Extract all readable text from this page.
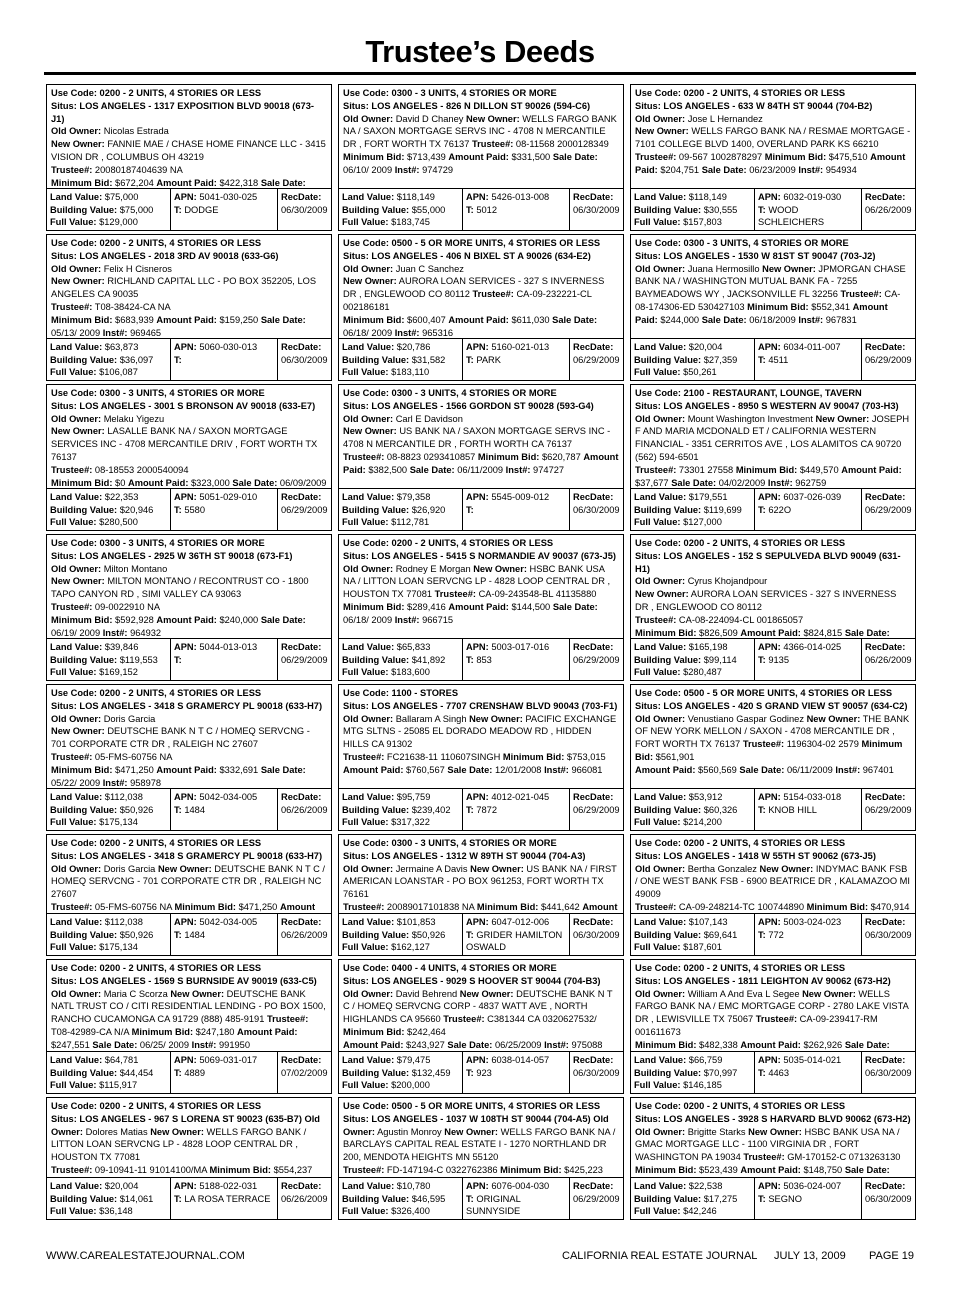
Trustee’s Deeds
Use Code: 0200 - 2 UNITS, 4 STORIES OR LESS
Situs: LOS ANGELES - 1317 EXPOSITION BLVD 90018 (673-J1)
Old Owner: Nicolas Estrada
New Owner: FANNIE MAE / CHASE HOME FINANCE LLC - 3415 VISION DR , COLUMBUS OH 43219
Trustee#: 20080187404639 NA
Minimum Bid: $672,204 Amount Paid: $422,318 Sale Date:
Land Value: $75,000
Building Value: $75,000
Full Value: $129,000
APN: 5041-030-025
T: DODGE
RecDate:
06/30/2009
Use Code: 0200 - 2 UNITS, 4 STORIES OR LESS
Situs: LOS ANGELES - 2018 3RD AV 90018 (633-G6)
Old Owner: Felix H Cisneros
New Owner: RICHLAND CAPITAL LLC - PO BOX 352205, LOS ANGELES CA 90035
Trustee#: T08-38424-CA NA
Minimum Bid: $683,939 Amount Paid: $159,250 Sale Date: 05/13/ 2009 Inst#: 969465
Land Value: $63,873
Building Value: $36,097
Full Value: $106,087
APN: 5060-030-013
T:
RecDate:
06/30/2009
Use Code: 0300 - 3 UNITS, 4 STORIES OR MORE
Situs: LOS ANGELES - 3001 S BRONSON AV 90018 (633-E7)
Old Owner: Melaku Yigezu
New Owner: LASALLE BANK NA / SAXON MORTGAGE SERVICES INC - 4708 MERCANTILE DRIV , FORT WORTH TX 76137
Trustee#: 08-18553 2000540094
Minimum Bid: $0 Amount Paid: $323,000 Sale Date: 06/09/2009
Land Value: $22,353
Building Value: $20,946
Full Value: $280,500
APN: 5051-029-010
T: 5580
RecDate:
06/29/2009
Use Code: 0300 - 3 UNITS, 4 STORIES OR MORE
Situs: LOS ANGELES - 2925 W 36TH ST 90018 (673-F1)
Old Owner: Milton Montano
New Owner: MILTON MONTANO / RECONTRUST CO - 1800 TAPO CANYON RD , SIMI VALLEY CA 93063
Trustee#: 09-0022910 NA
Minimum Bid: $592,928 Amount Paid: $240,000 Sale Date: 06/19/ 2009 Inst#: 964932
Land Value: $39,846
Building Value: $119,553
Full Value: $169,152
APN: 5044-013-013
T:
RecDate:
06/29/2009
Use Code: 0200 - 2 UNITS, 4 STORIES OR LESS
Situs: LOS ANGELES - 3418 S GRAMERCY PL 90018 (633-H7)
Old Owner: Doris Garcia
New Owner: DEUTSCHE BANK N T C / HOMEQ SERVCNG - 701 CORPORATE CTR DR , RALEIGH NC 27607
Trustee#: 05-FMS-60756 NA
Minimum Bid: $471,250 Amount Paid: $332,691 Sale Date: 05/22/ 2009 Inst#: 958978
Land Value: $112,038
Building Value: $50,926
Full Value: $175,134
APN: 5042-034-005
T: 1484
RecDate:
06/26/2009
Use Code: 0200 - 2 UNITS, 4 STORIES OR LESS
Situs: LOS ANGELES - 3418 S GRAMERCY PL 90018 (633-H7)
Old Owner: Doris Garcia New Owner: DEUTSCHE BANK N T C / HOMEQ SERVCNG - 701 CORPORATE CTR DR , RALEIGH NC 27607
Trustee#: 05-FMS-60756 NA Minimum Bid: $471,250 Amount
Land Value: $112,038
Building Value: $50,926
Full Value: $175,134
APN: 5042-034-005
T: 1484
RecDate:
06/26/2009
Use Code: 0200 - 2 UNITS, 4 STORIES OR LESS
Situs: LOS ANGELES - 1569 S BURNSIDE AV 90019 (633-C5)
Old Owner: Maria C Scorza New Owner: DEUTSCHE BANK NATL TRUST CO / CITI RESIDENTIAL LENDING - PO BOX 1500, RANCHO CUCAMONGA CA 91729 (888) 485-9191 Trustee#: T08-42989-CA N/A Minimum Bid: $247,180 Amount Paid: $247,551 Sale Date: 06/25/ 2009 Inst#: 991950
Land Value: $64,781
Building Value: $44,454
Full Value: $115,917
APN: 5069-031-017
T: 4889
RecDate:
07/02/2009
Use Code: 0200 - 2 UNITS, 4 STORIES OR LESS
Situs: LOS ANGELES - 967 S LORENA ST 90023 (635-B7) Old Owner: Dolores Matias New Owner: WELLS FARGO BANK / LITTON LOAN SERVCNG LP - 4828 LOOP CENTRAL DR , HOUSTON TX 77081
Trustee#: 09-10941-11 91014100/MA Minimum Bid: $554,237
Land Value: $20,004
Building Value: $14,061
Full Value: $36,148
APN: 5188-022-031
T: LA ROSA TERRACE
RecDate:
06/26/2009
Use Code: 0300 - 3 UNITS, 4 STORIES OR MORE
Situs: LOS ANGELES - 826 N DILLON ST 90026 (594-C6)
Old Owner: David D Chaney New Owner: WELLS FARGO BANK NA / SAXON MORTGAGE SERVS INC - 4708 N MERCANTILE DR , FORT WORTH TX 76137 Trustee#: 08-11568 2000128349
Minimum Bid: $713,439 Amount Paid: $331,500 Sale Date: 06/10/ 2009 Inst#: 974729
Land Value: $118,149
Building Value: $55,000
Full Value: $183,745
APN: 5426-013-008
T: 5012
RecDate:
06/30/2009
Use Code: 0500 - 5 OR MORE UNITS, 4 STORIES OR LESS
Situs: LOS ANGELES - 406 N BIXEL ST A 90026 (634-E2)
Old Owner: Juan C Sanchez
New Owner: AURORA LOAN SERVICES - 327 S INVERNESS DR , ENGLEWOOD CO 80112 Trustee#: CA-09-232221-CL 002186181
Minimum Bid: $600,407 Amount Paid: $611,030 Sale Date: 06/18/ 2009 Inst#: 965316
Land Value: $20,786
Building Value: $31,582
Full Value: $183,110
APN: 5160-021-013
T: PARK
RecDate:
06/29/2009
Use Code: 0300 - 3 UNITS, 4 STORIES OR MORE
Situs: LOS ANGELES - 1566 GORDON ST 90028 (593-G4)
Old Owner: Carl E Davidson
New Owner: US BANK NA / SAXON MORTGAGE SERVS INC - 4708 N MERCANTILE DR , FORTH WORTH CA 76137
Trustee#: 08-8823 0293410857 Minimum Bid: $620,787 Amount Paid: $382,500 Sale Date: 06/11/2009 Inst#: 974727
Land Value: $79,358
Building Value: $26,920
Full Value: $112,781
APN: 5545-009-012
T:
RecDate:
06/30/2009
Use Code: 0200 - 2 UNITS, 4 STORIES OR LESS
Situs: LOS ANGELES - 5415 S NORMANDIE AV 90037 (673-J5)
Old Owner: Rodney E Morgan New Owner: HSBC BANK USA NA / LITTON LOAN SERVCNG LP - 4828 LOOP CENTRAL DR , HOUSTON TX 77081 Trustee#: CA-09-243548-BL 41135880
Minimum Bid: $289,416 Amount Paid: $144,500 Sale Date: 06/18/ 2009 Inst#: 966715
Land Value: $65,833
Building Value: $41,892
Full Value: $183,600
APN: 5003-017-016
T: 853
RecDate:
06/29/2009
Use Code: 1100 - STORES
Situs: LOS ANGELES - 7707 CRENSHAW BLVD 90043 (703-F1)
Old Owner: Ballaram A Singh New Owner: PACIFIC EXCHANGE MTG SLTNS - 25085 EL DORADO MEADOW RD , HIDDEN HILLS CA 91302
Trustee#: FC21638-11 110607SINGH Minimum Bid: $753,015
Amount Paid: $760,567 Sale Date: 12/01/2008 Inst#: 966081
Land Value: $95,759
Building Value: $239,402
Full Value: $317,322
APN: 4012-021-045
T: 7872
RecDate:
06/29/2009
Use Code: 0300 - 3 UNITS, 4 STORIES OR MORE
Situs: LOS ANGELES - 1312 W 89TH ST 90044 (704-A3)
Old Owner: Jermaine A Davis New Owner: US BANK NA / FIRST AMERICAN LOANSTAR - PO BOX 961253, FORT WORTH TX 76161
Trustee#: 20089017101838 NA Minimum Bid: $441,642 Amount
Land Value: $101,853
Building Value: $50,926
Full Value: $162,127
APN: 6047-012-006
T: GRIDER HAMILTON OSWALD
RecDate:
06/30/2009
Use Code: 0400 - 4 UNITS, 4 STORIES OR MORE
Situs: LOS ANGELES - 9029 S HOOVER ST 90044 (704-B3)
Old Owner: David Behrend New Owner: DEUTSCHE BANK N T C / HOMEQ SERVCNG CORP - 4837 WATT AVE , NORTH HIGHLANDS CA 95660 Trustee#: C381344 CA 0320627532/ Minimum Bid: $242,464
Amount Paid: $243,927 Sale Date: 06/25/2009 Inst#: 975088
Land Value: $79,475
Building Value: $132,459
Full Value: $200,000
APN: 6038-014-057
T: 923
RecDate:
06/30/2009
Use Code: 0500 - 5 OR MORE UNITS, 4 STORIES OR LESS Situs: LOS ANGELES - 1037 W 108TH ST 90044 (704-A5) Old Owner: Agustin Monroy New Owner: WELLS FARGO BANK NA / BARCLAYS CAPITAL REAL ESTATE I - 1270 NORTHLAND DR 200, MENDOTA HEIGHTS MN 55120
Trustee#: FD-147194-C 0322762386 Minimum Bid: $425,223
Land Value: $10,780
Building Value: $46,595
Full Value: $326,400
APN: 6076-004-030
T: ORIGINAL SUNNYSIDE
RecDate:
06/29/2009
Use Code: 0200 - 2 UNITS, 4 STORIES OR LESS
Situs: LOS ANGELES - 633 W 84TH ST 90044 (704-B2)
Old Owner: Jose L Hernandez
New Owner: WELLS FARGO BANK NA / RESMAE MORTGAGE - 7101 COLLEGE BLVD 1400, OVERLAND PARK KS 66210
Trustee#: 09-567 1002878297 Minimum Bid: $475,510 Amount Paid: $204,751 Sale Date: 06/23/2009 Inst#: 954934
Land Value: $118,149
Building Value: $30,555
Full Value: $157,803
APN: 6032-019-030
T: WOOD SCHLEICHERS
RecDate:
06/26/2009
Use Code: 0300 - 3 UNITS, 4 STORIES OR MORE
Situs: LOS ANGELES - 1530 W 81ST ST 90047 (703-J2)
Old Owner: Juana Hermosillo New Owner: JPMORGAN CHASE BANK NA / WASHINGTON MUTUAL BANK FA - 7255 BAYMEADOWS WY , JACKSONVILLE FL 32256 Trustee#: CA-08-174306-ED 530427103 Minimum Bid: $552,341 Amount Paid: $244,000 Sale Date: 06/18/2009 Inst#: 967831
Land Value: $20,004
Building Value: $27,359
Full Value: $50,261
APN: 6034-011-007
T: 4511
RecDate:
06/29/2009
Use Code: 2100 - RESTAURANT, LOUNGE, TAVERN
Situs: LOS ANGELES - 8950 S WESTERN AV 90047 (703-H3)
Old Owner: Mount Washington Investment New Owner: JOSEPH F AND MARIA MCDONALD ET / CALIFORNIA WESTERN FINANCIAL - 3351 CERRITOS AVE , LOS ALAMITOS CA 90720 (562) 594-6501
Trustee#: 73301 27558 Minimum Bid: $449,570 Amount Paid: $37,677 Sale Date: 04/02/2009 Inst#: 962759
Land Value: $179,551
Building Value: $119,699
Full Value: $127,000
APN: 6037-026-039
T: 622O
RecDate:
06/29/2009
Use Code: 0200 - 2 UNITS, 4 STORIES OR LESS
Situs: LOS ANGELES - 152 S SEPULVEDA BLVD 90049 (631-H1)
Old Owner: Cyrus Khojandpour
New Owner: AURORA LOAN SERVICES - 327 S INVERNESS DR , ENGLEWOOD CO 80112
Trustee#: CA-08-224094-CL 001865057
Minimum Bid: $826,509 Amount Paid: $824,815 Sale Date:
Land Value: $165,198
Building Value: $99,114
Full Value: $280,487
APN: 4366-014-025
T: 9135
RecDate:
06/26/2009
Use Code: 0500 - 5 OR MORE UNITS, 4 STORIES OR LESS
Situs: LOS ANGELES - 420 S GRAND VIEW ST 90057 (634-C2)
Old Owner: Venustiano Gaspar Godinez New Owner: THE BANK OF NEW YORK MELLON / SAXON - 4708 MERCANTILE DR , FORT WORTH TX 76137 Trustee#: 1196304-02 2579 Minimum Bid: $561,901
Amount Paid: $560,569 Sale Date: 06/11/2009 Inst#: 967401
Land Value: $53,912
Building Value: $60,326
Full Value: $214,200
APN: 5154-033-018
T: KNOB HILL
RecDate:
06/29/2009
Use Code: 0200 - 2 UNITS, 4 STORIES OR LESS
Situs: LOS ANGELES - 1418 W 55TH ST 90062 (673-J5)
Old Owner: Bertha Gonzalez New Owner: INDYMAC BANK FSB / ONE WEST BANK FSB - 6900 BEATRICE DR , KALAMAZOO MI 49009
Trustee#: CA-09-248214-TC 100744890 Minimum Bid: $470,914
Land Value: $107,143
Building Value: $69,641
Full Value: $187,601
APN: 5003-024-023
T: 772
RecDate:
06/30/2009
Use Code: 0200 - 2 UNITS, 4 STORIES OR LESS
Situs: LOS ANGELES - 1811 LEIGHTON AV 90062 (673-H2)
Old Owner: William A And Eva L Segee New Owner: WELLS FARGO BANK NA / EMC MORTGAGE CORP - 2780 LAKE VISTA DR , LEWISVILLE TX 75067 Trustee#: CA-09-239417-RM 001611673
Minimum Bid: $482,338 Amount Paid: $262,926 Sale Date:
Land Value: $66,759
Building Value: $70,997
Full Value: $146,185
APN: 5035-014-021
T: 4463
RecDate:
06/30/2009
Use Code: 0200 - 2 UNITS, 4 STORIES OR LESS
Situs: LOS ANGELES - 3928 S HARVARD BLVD 90062 (673-H2)
Old Owner: Brigitte Starks New Owner: HSBC BANK USA NA / GMAC MORTGAGE LLC - 1100 VIRGINIA DR , FORT WASHINGTON PA 19034 Trustee#: GM-170152-C 0713263130 Minimum Bid: $523,439 Amount Paid: $148,750 Sale Date:
Land Value: $22,538
Building Value: $17,275
Full Value: $42,246
APN: 5036-024-007
T: SEGNO
RecDate:
06/30/2009
WWW.CAREALESTATEJOURNAL.COM	CALIFORNIA REAL ESTATE JOURNAL JULY 13, 2009 PAGE 19
